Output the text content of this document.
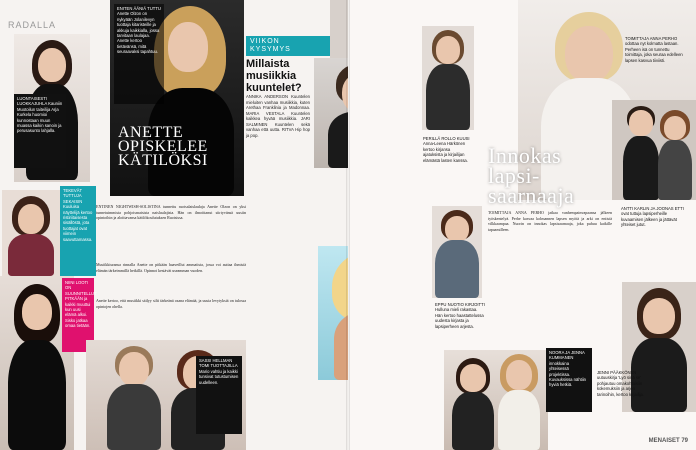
RADALLA
LUONTAISESTI LUOKKAJUHLA Kauniin Muotoilun taiteilija Arja Kurkela huomioi kunnostaan muun muassa kaikin sanoin ja perusasunto lahjalla.
ENITEN ÄÄNIÄ TUTTU Anette Olzon on nykyään Jolanilevyn tuottaja kitaristeille ja akkuja kaikkialla, jossa tarvitaan laulajaa. Anette kertoo tietävänsä, mitä seuraavaksi tapahtuu.
ANETTE
OPISKELEE
KÄTILÖKSI
VIIKON
KYSYMYS
Millaista musiikkia kuuntelet?
ANNIKA ANDERSON Kuuntelen mieluiten vanhaa musiikkia, kuten Arethaa Franklinia ja Madonnaa. MARIA VESTALA Kuuntelen kaikkea hyvää musiikkia. JARI SALMINEN Kuuntelen sekä vanhaa että uutta. RITVA Hip hop ja pop.
ENTINEN NIGHTWISH-SOLISTINA tunnettu ruotsalaislaulaja Anette Olzon on yksi tunnetuimmista pohjoismaisista naislaulajista. Hän on ilmoittanut siirtyvänsä uusiin opintoihin ja aloittavansa kätilökoulutuksen Ruotsissa.
Musiikkiuransa rinnalla Anette on pitkään haaveillut ammatista, jossa voi auttaa ihmisiä elämän tärkeimmillä hetkillä. Opinnot kestävät useamman vuoden.
Anette kertoo, että musiikki säilyy silti tärkeänä osana elämää, ja uusia levytyksiä on tulossa opintojen ohella.
TEKEVÄT TUTTUJA SEKAISIN Kuuluisa näyttelijä kertoo ristiriitaisesta sisällöstä, jota tuottajat ovat viimein saavuttamassa.
NIINI LOOTI ON SUUNNITELLUT PITKÄÄN ja kaikki muuttui kun uusi elämä alkoi. Sisko jatkaa omaa tietään.
SASSI HELLMAN TOMI TUOTTAJILLA Mario vahtiu ja kaikki tunsivat tutustumisen uudelleen.
PERILLÄ ROLLO KUUSI Anna-Leena Härkönen kertoo kirjansa ajatuksista ja kirjailijan elämästä lasten kanssa.
TOIMITTAJA ANNA PERHO odottaa nyt kolmatta lastaan. Perheen isä on tunnettu toimittaja, joka seuraa edelleen lapsen kasvua tiiviisti.
Innokas
lapsi-
saarnaaja
ANTTI KARLIN JA JOONAS ETTI ovat tuttuja lapsiperheille kuvaamisen jälkeen ja jättävät yhteiset jutut.
TOIMITTAJA ANNA PERHO jatkaa vanhempainvapaansa jälkeen työskentelyä. Perhe kasvaa kolmannen lapsen myötä ja arki on entistä vilkkaampaa. Nuorin on innokas lapsisaarnaaja, joka puhuu kaikille tapaamilleen.
EPPU NUOTIO KIRJOITTI Hulluna mieli rakastaa. Hän kertoo haastattelussa uudesta kirjasta ja lapsiperheen arjesta.
NOORA JA JENNA KUMMANEN innokkaina yhteisessä projektissa. Kuvauksissa nähtiin hyviä hetkiä.
JENNI PÄÄKKÖNEN uutuuskirja 'Lyö sinä se' pohjautuu omakohtaisiin kokemuksiin ja arjen tarinoihin, kertoo kirjailija.
MENAISET 79
